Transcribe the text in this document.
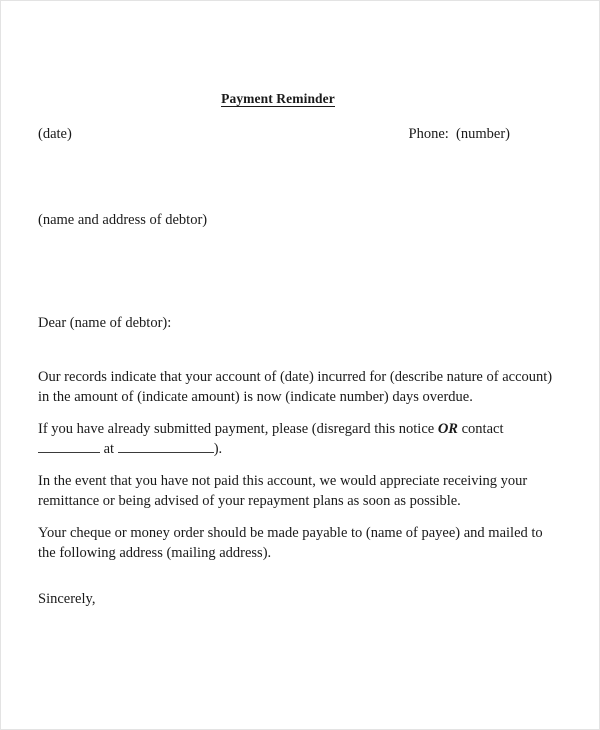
Payment Reminder
(date)	Phone: (number)
(name and address of debtor)
Dear (name of debtor):
Our records indicate that your account of (date) incurred for (describe nature of account) in the amount of (indicate amount) is now (indicate number) days overdue.
If you have already submitted payment, please (disregard this notice OR contact  at	).
In the event that you have not paid this account, we would appreciate receiving your remittance or being advised of your repayment plans as soon as possible.
Your cheque or money order should be made payable to (name of payee) and mailed to the following address (mailing address).
Sincerely,
